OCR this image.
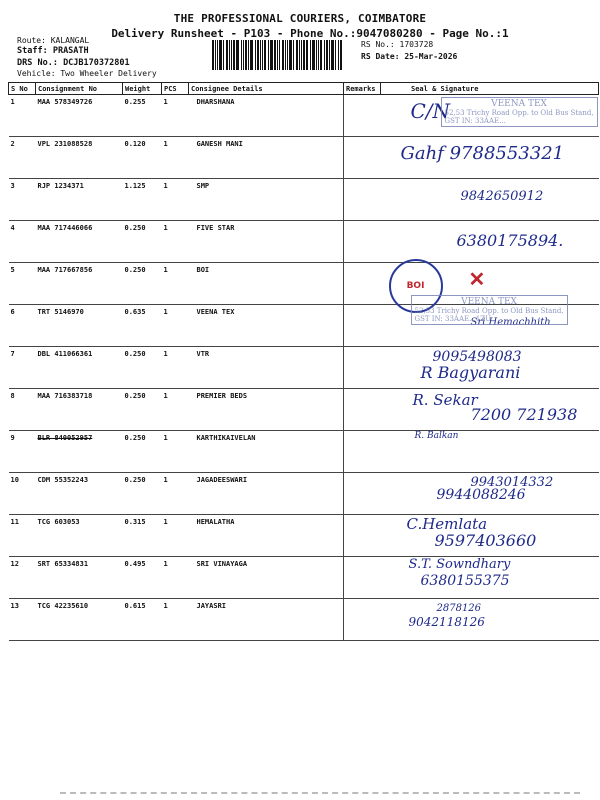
THE PROFESSIONAL COURIERS, COIMBATORE
Delivery Runsheet - P103 - Phone No.:9047080280 - Page No.:1
Route: KALANGAL
Staff: PRASATH
DRS No.: DCJB170372801
Vehicle: Two Wheeler Delivery
RS No.: 1703728
RS Date: 25-Mar-2026
S No	Consignment No	Weight	PCS	Consignee Details	Remarks	Seal & Signature
1	MAA 578349726	0.255	1	DHARSHANA		C/N VEENA TEX
52,53 Trichy Road Opp. to Old Bus Stand,
GST IN: 33AAE...

2	VPL 231088528	0.120	1	GANESH MANI		Gahf 9788553321

3	RJP 1234371	1.125	1	SMP		9842650912

4	MAA 717446066	0.250	1	FIVE STAR		6380175894.

5	MAA 717667856	0.250	1	BOI		BOI ✕

6	TRT 5146970	0.635	1	VEENA TEX		Sri Hemachhith
VEENA TEX
52,53 Trichy Road Opp. to Old Bus Stand,
GST IN: 33AAE...1ZU

7	DBL 411066361	0.250	1	VTR		9095498083
R Bagyarani

8	MAA 716383718	0.250	1	PREMIER BEDS		R. Sekar
7200 721938

9	BLR 840052957	0.250	1	KARTHIKAIVELAN		R. Balkan

10	CDM 55352243	0.250	1	JAGADEESWARI		9943014332
9944088246

11	TCG 603053	0.315	1	HEMALATHA		C.Hemlata
9597403660

12	SRT 65334831	0.495	1	SRI VINAYAGA		S.T. Sowndhary
6380155375

13	TCG 42235610	0.615	1	JAYASRI		2878126
9042118126
